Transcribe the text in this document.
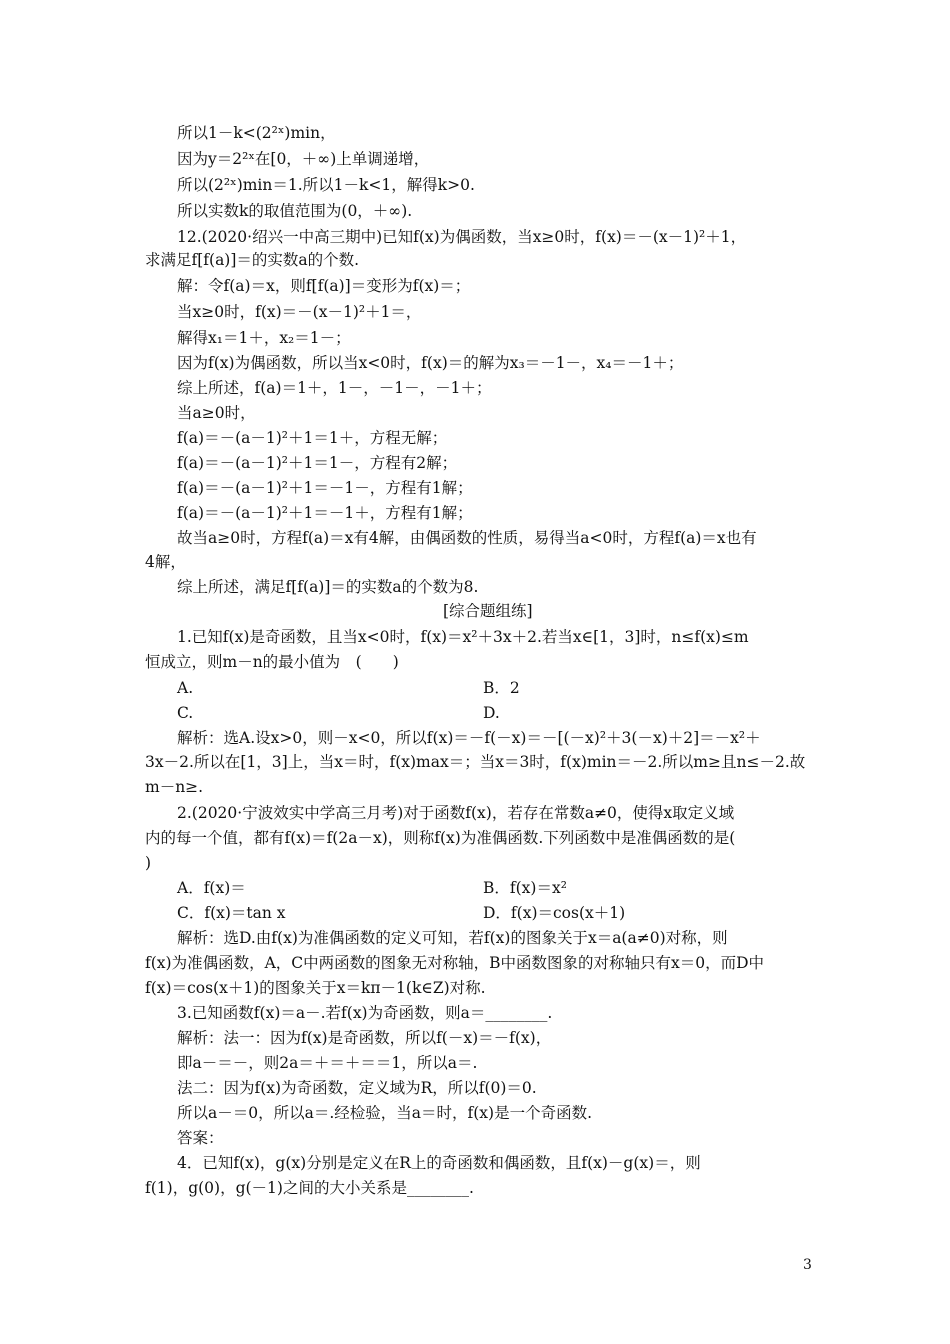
所以1－k<(2²ˣ)min，
因为y＝2²ˣ在[0，＋∞)上单调递增，
所以(2²ˣ)min＝1.所以1－k<1，解得k>0.
所以实数k的取值范围为(0，＋∞).
12.(2020·绍兴一中高三期中)已知f(x)为偶函数，当x≥0时，f(x)＝－(x－1)²＋1，
求满足f[f(a)]＝的实数a的个数.
解：令f(a)＝x，则f[f(a)]＝变形为f(x)＝；
当x≥0时，f(x)＝－(x－1)²＋1＝，
解得x₁＝1＋，x₂＝1－；
因为f(x)为偶函数，所以当x<0时，f(x)＝的解为x₃＝－1－，x₄＝－1＋；
综上所述，f(a)＝1＋，1－，－1－，－1＋；
当a≥0时，
f(a)＝－(a－1)²＋1＝1＋，方程无解；
f(a)＝－(a－1)²＋1＝1－，方程有2解；
f(a)＝－(a－1)²＋1＝－1－，方程有1解；
f(a)＝－(a－1)²＋1＝－1＋，方程有1解；
故当a≥0时，方程f(a)＝x有4解，由偶函数的性质，易得当a<0时，方程f(a)＝x也有
4解，
综上所述，满足f[f(a)]＝的实数a的个数为8.
[综合题组练]
1.已知f(x)是奇函数，且当x<0时，f(x)＝x²＋3x＋2.若当x∈[1，3]时，n≤f(x)≤m
恒成立，则m－n的最小值为　(　　)
A.	B．2
C.	D.
解析：选A.设x>0，则－x<0，所以f(x)＝－f(－x)＝－[(－x)²＋3(－x)＋2]＝－x²＋
3x－2.所以在[1，3]上，当x＝时，f(x)max＝；当x＝3时，f(x)min＝－2.所以m≥且n≤－2.故
m－n≥.
2.(2020·宁波效实中学高三月考)对于函数f(x)，若存在常数a≠0，使得x取定义域
内的每一个值，都有f(x)＝f(2a－x)，则称f(x)为准偶函数.下列函数中是准偶函数的是(
)
A．f(x)＝	B．f(x)＝x²
C．f(x)＝tan x	D．f(x)＝cos(x＋1)
解析：选D.由f(x)为准偶函数的定义可知，若f(x)的图象关于x＝a(a≠0)对称，则
f(x)为准偶函数，A，C中两函数的图象无对称轴，B中函数图象的对称轴只有x＝0，而D中
f(x)＝cos(x＋1)的图象关于x＝kπ－1(k∈Z)对称.
3.已知函数f(x)＝a－.若f(x)为奇函数，则a＝________.
解析：法一：因为f(x)是奇函数，所以f(－x)＝－f(x)，
即a－＝－，则2a＝＋＝＋＝＝1，所以a＝.
法二：因为f(x)为奇函数，定义域为R，所以f(0)＝0.
所以a－＝0，所以a＝.经检验，当a＝时，f(x)是一个奇函数.
答案：
4．已知f(x)，g(x)分别是定义在R上的奇函数和偶函数，且f(x)－g(x)＝，则
f(1)，g(0)，g(－1)之间的大小关系是________.
3
